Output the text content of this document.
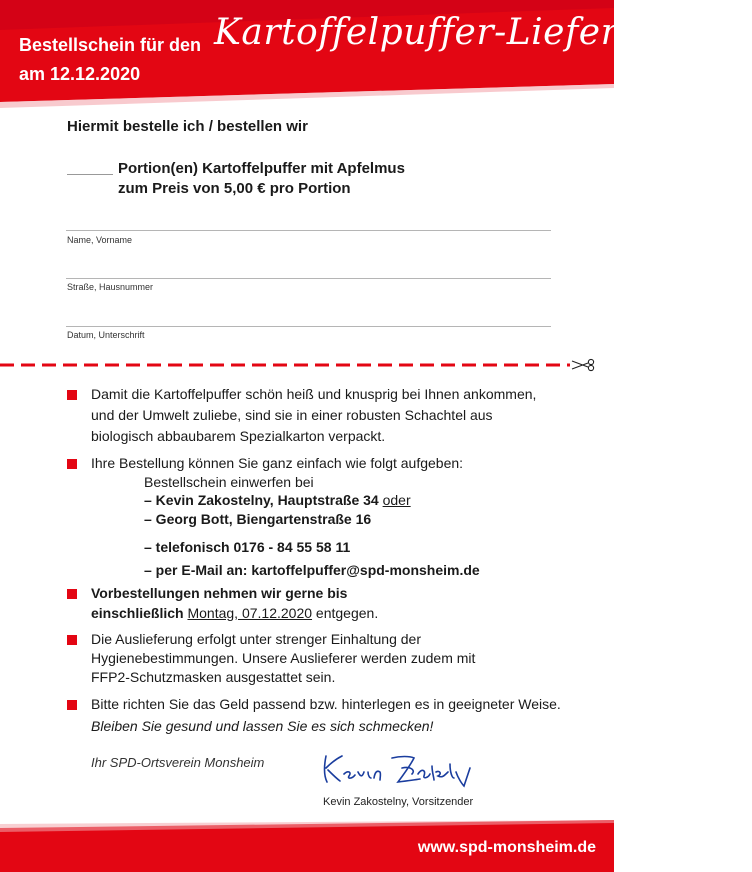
Bestellschein für den Kartoffelpuffer-Lieferservice
am 12.12.2020
Hiermit bestelle ich / bestellen wir
Portion(en) Kartoffelpuffer mit Apfelmus
zum Preis von 5,00 € pro Portion
Name, Vorname
Straße, Hausnummer
Datum, Unterschrift
Damit die Kartoffelpuffer schön heiß und knusprig bei Ihnen ankommen,
und der Umwelt zuliebe, sind sie in einer robusten Schachtel aus
biologisch abbaubarem Spezialkarton verpackt.
Ihre Bestellung können Sie ganz einfach wie folgt aufgeben:
Bestellschein einwerfen bei
– Kevin Zakostelny, Hauptstraße 34 oder
– Georg Bott, Biengartenstraße 16
– telefonisch 0176 - 84 55 58 11
– per E-Mail an: kartoffelpuffer@spd-monsheim.de
Vorbestellungen nehmen wir gerne bis
einschließlich Montag, 07.12.2020 entgegen.
Die Auslieferung erfolgt unter strenger Einhaltung der
Hygienebestimmungen. Unsere Auslieferer werden zudem mit
FFP2-Schutzmasken ausgestattet sein.
Bitte richten Sie das Geld passend bzw. hinterlegen es in geeigneter Weise.
Bleiben Sie gesund und lassen Sie es sich schmecken!
Ihr SPD-Ortsverein Monsheim
Kevin Zakostelny, Vorsitzender
www.spd-monsheim.de
